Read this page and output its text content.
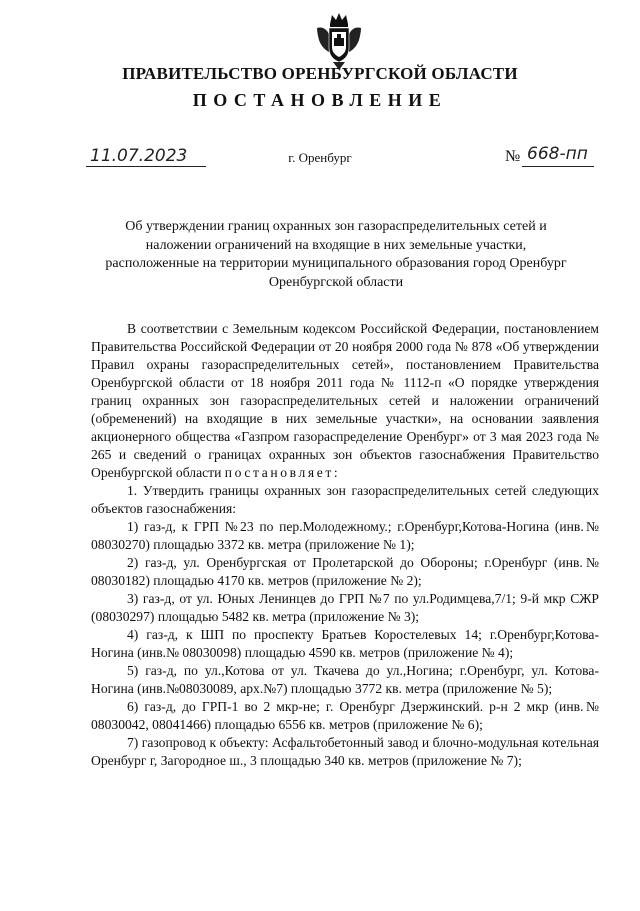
ПРАВИТЕЛЬСТВО ОРЕНБУРГСКОЙ ОБЛАСТИ
ПОСТАНОВЛЕНИЕ
11.07.2023	г. Оренбург	№ 668-пп
Об утверждении границ охранных зон газораспределительных сетей и наложении ограничений на входящие в них земельные участки, расположенные на территории муниципального образования город Оренбург Оренбургской области

В соответствии с Земельным кодексом Российской Федерации, постановлением Правительства Российской Федерации от 20 ноября 2000 года № 878 «Об утверждении Правил охраны газораспределительных сетей», постановлением Правительства Оренбургской области от 18 ноября 2011 года № 1112-п «О порядке утверждения границ охранных зон газораспределительных сетей и наложении ограничений (обременений) на входящие в них земельные участки», на основании заявления акционерного общества «Газпром газораспределение Оренбург» от 3 мая 2023 года № 265 и сведений о границах охранных зон объектов газоснабжения Правительство Оренбургской области постановляет:

1. Утвердить границы охранных зон газораспределительных сетей следующих объектов газоснабжения:

1) газ-д, к ГРП №23 по пер.Молодежному.; г.Оренбург,Котова-Ногина (инв.№ 08030270) площадью 3372 кв. метра (приложение № 1);

2) газ-д, ул. Оренбургская от Пролетарской до Обороны; г.Оренбург (инв.№ 08030182) площадью 4170 кв. метров (приложение № 2);

3) газ-д, от ул. Юных Ленинцев до ГРП №7 по ул.Родимцева,7/1; 9-й мкр СЖР (08030297) площадью 5482 кв. метра (приложение № 3);

4) газ-д, к ШП по проспекту Братьев Коростелевых 14; г.Оренбург,Котова-Ногина (инв.№ 08030098) площадью 4590 кв. метров (приложение № 4);

5) газ-д, по ул.,Котова от ул. Ткачева до ул.,Ногина; г.Оренбург, ул. Котова-Ногина (инв.№08030089, арх.№7) площадью 3772 кв. метра (приложение № 5);

6) газ-д, до ГРП-1 во 2 мкр-не; г. Оренбург Дзержинский. р-н 2 мкр (инв.№ 08030042, 08041466) площадью 6556 кв. метров (приложение № 6);

7) газопровод к объекту: Асфальтобетонный завод и блочно-модульная котельная Оренбург г, Загородное ш., 3 площадью 340 кв. метров (приложение № 7);
